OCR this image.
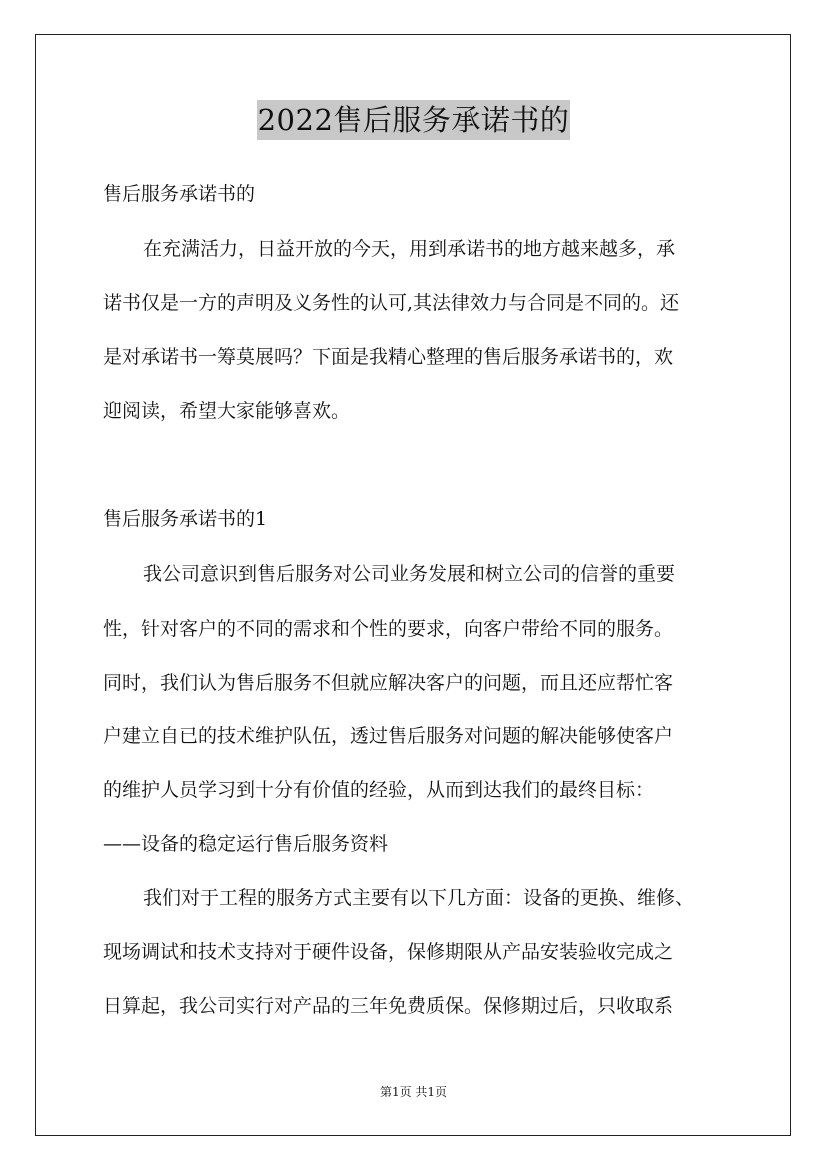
2022售后服务承诺书的
售后服务承诺书的
在充满活力，日益开放的今天，用到承诺书的地方越来越多，承
诺书仅是一方的声明及义务性的认可,其法律效力与合同是不同的。还
是对承诺书一筹莫展吗？下面是我精心整理的售后服务承诺书的，欢
迎阅读，希望大家能够喜欢。
售后服务承诺书的1
我公司意识到售后服务对公司业务发展和树立公司的信誉的重要
性，针对客户的不同的需求和个性的要求，向客户带给不同的服务。
同时，我们认为售后服务不但就应解决客户的问题，而且还应帮忙客
户建立自已的技术维护队伍，透过售后服务对问题的解决能够使客户
的维护人员学习到十分有价值的经验，从而到达我们的最终目标：
——设备的稳定运行售后服务资料
我们对于工程的服务方式主要有以下几方面：设备的更换、维修、
现场调试和技术支持对于硬件设备，保修期限从产品安装验收完成之
日算起，我公司实行对产品的三年免费质保。保修期过后，只收取系
第1页 共1页
